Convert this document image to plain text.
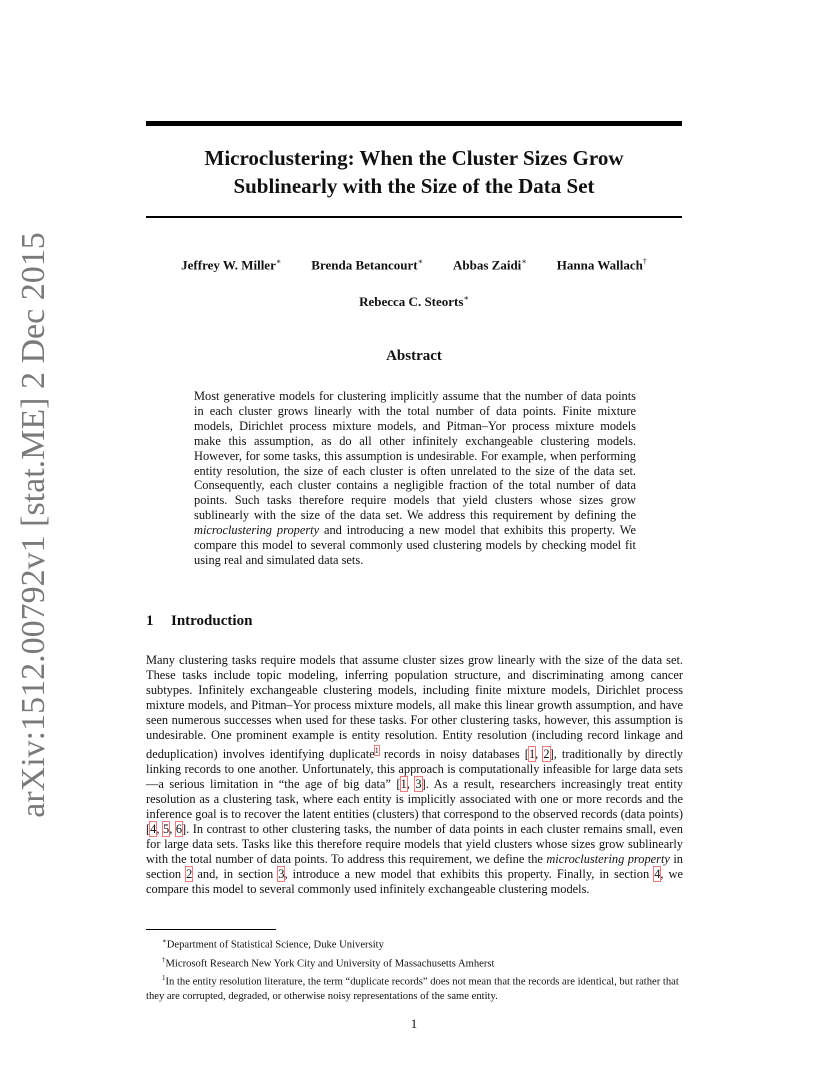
arXiv:1512.00792v1 [stat.ME] 2 Dec 2015
Microclustering: When the Cluster Sizes Grow
Sublinearly with the Size of the Data Set
Jeffrey W. Miller∗ Brenda Betancourt∗ Abbas Zaidi∗ Hanna Wallach†
Rebecca C. Steorts∗
Abstract

Most generative models for clustering implicitly assume that the number of data points in each cluster grows linearly with the total number of data points. Finite mixture models, Dirichlet process mixture models, and Pitman–Yor process mixture models make this assumption, as do all other infinitely exchangeable clustering models. However, for some tasks, this assumption is undesirable. For example, when performing entity resolution, the size of each cluster is often unrelated to the size of the data set. Consequently, each cluster contains a negligible fraction of the total number of data points. Such tasks therefore require models that yield clusters whose sizes grow sublinearly with the size of the data set. We address this requirement by defining the microclustering property and introducing a new model that exhibits this property. We compare this model to several commonly used clustering models by checking model fit using real and simulated data sets.

1 Introduction

Many clustering tasks require models that assume cluster sizes grow linearly with the size of the data set. These tasks include topic modeling, inferring population structure, and discriminating among cancer subtypes. Infinitely exchangeable clustering models, including finite mixture models, Dirichlet process mixture models, and Pitman–Yor process mixture models, all make this linear growth assumption, and have seen numerous successes when used for these tasks. For other clustering tasks, however, this assumption is undesirable. One prominent example is entity resolution. Entity resolution (including record linkage and deduplication) involves identifying duplicate$^1$ records in noisy databases [1, 2], traditionally by directly linking records to one another. Unfortunately, this approach is computationally infeasible for large data sets—a serious limitation in “the age of big data” [1, 3]. As a result, researchers increasingly treat entity resolution as a clustering task, where each entity is implicitly associated with one or more records and the inference goal is to recover the latent entities (clusters) that correspond to the observed records (data points) [4, 5, 6]. In contrast to other clustering tasks, the number of data points in each cluster remains small, even for large data sets. Tasks like this therefore require models that yield clusters whose sizes grow sublinearly with the total number of data points. To address this requirement, we define the microclustering property in section 2 and, in section 3, introduce a new model that exhibits this property. Finally, in section 4, we compare this model to several commonly used infinitely exchangeable clustering models.

∗Department of Statistical Science, Duke University

†Microsoft Research New York City and University of Massachusetts Amherst

$^1$In the entity resolution literature, the term “duplicate records” does not mean that the records are identical, but rather that they are corrupted, degraded, or otherwise noisy representations of the same entity.

1
